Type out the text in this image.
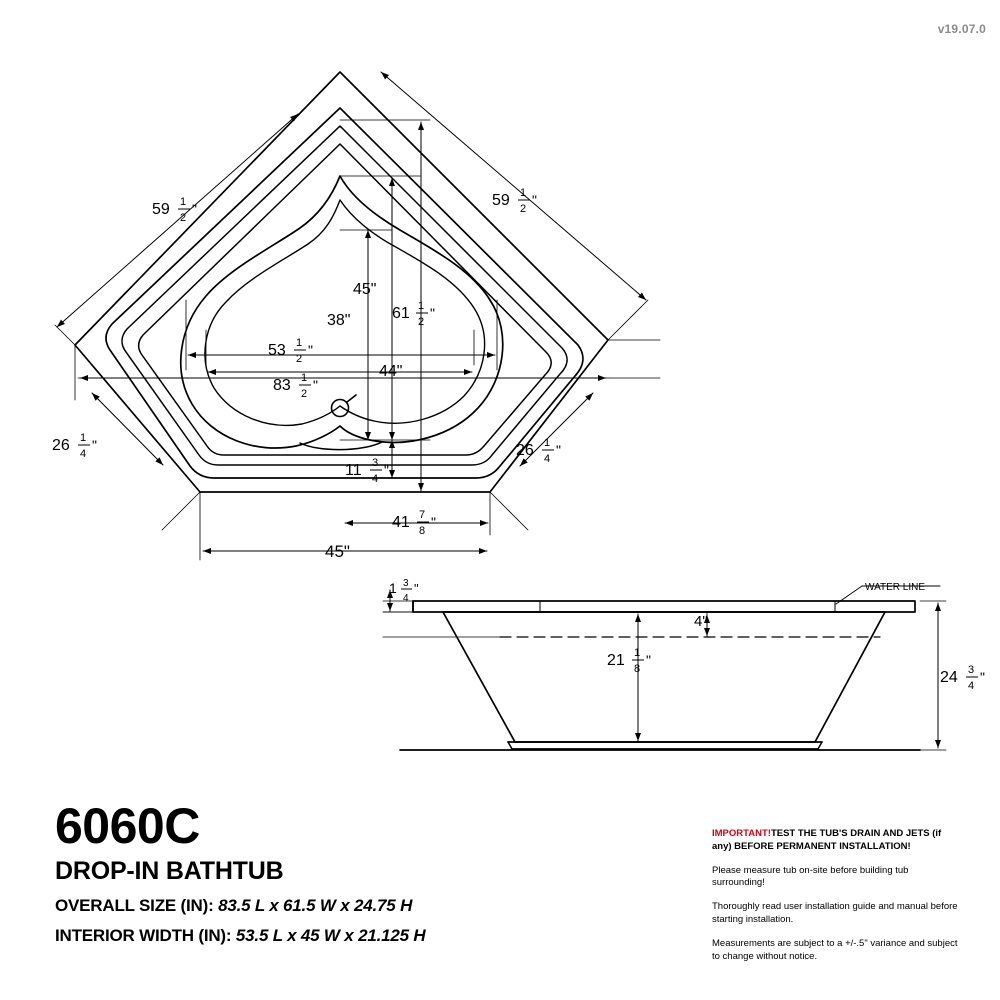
v19.07.0
59 1
2
"	59 1
2
"
45"
38"	61 1
2
"
53 1
2
"
44"
83 1
2
"
26 1
4
"	26 1
4
"
11 3
4
"
41 7
8
"
45"
1 3
4
"
4"
21 1
8
"
24 3
4
"
WATER LINE
6060C
DROP-IN BATHTUB
OVERALL SIZE (IN): 83.5 L x 61.5 W x 24.75 H
INTERIOR WIDTH (IN): 53.5 L x 45 W x 21.125 H

IMPORTANT!TEST THE TUB'S DRAIN AND JETS (if any) BEFORE PERMANENT INSTALLATION!

Please measure tub on-site before building tub surrounding!

Thoroughly read user installation guide and manual before starting installation.

Measurements are subject to a +/-.5" variance and subject to change without notice.
